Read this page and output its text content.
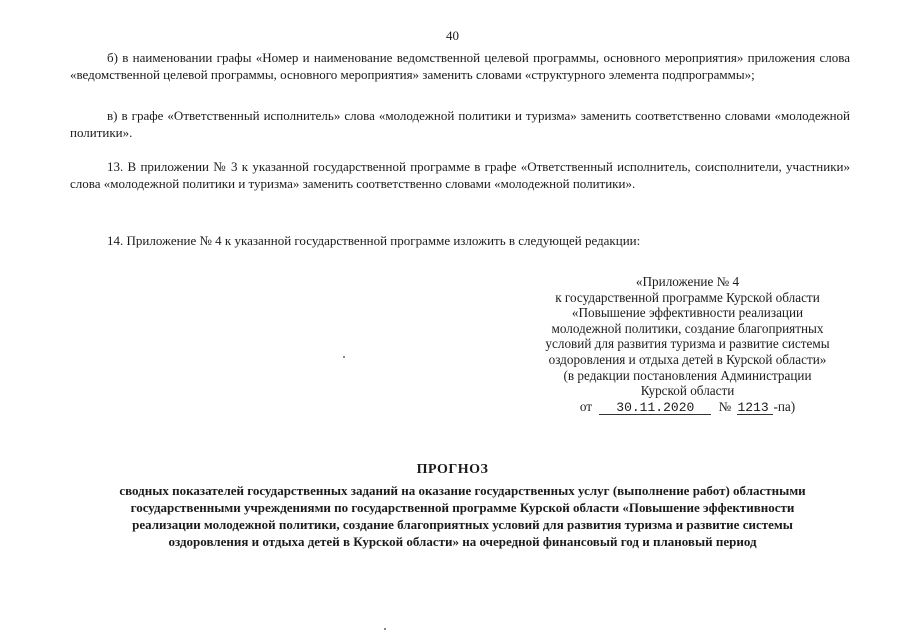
40

б) в наименовании графы «Номер и наименование ведомственной целевой программы, основного мероприятия» приложения слова «ведомственной целевой программы, основного мероприятия» заменить словами «структурного элемента подпрограммы»;

в) в графе «Ответственный исполнитель» слова «молодежной политики и туризма» заменить соответственно словами «молодежной политики».

13. В приложении № 3 к указанной государственной программе в графе «Ответственный исполнитель, соисполнители, участники» слова «молодежной политики и туризма» заменить соответственно словами «молодежной политики».

14. Приложение № 4 к указанной государственной программе изложить в следующей редакции:

«Приложение № 4
к государственной программе Курской области
«Повышение эффективности реализации
молодежной политики, создание благоприятных
условий для развития туризма и развитие системы
оздоровления и отдыха детей в Курской области»
(в редакции постановления Администрации
Курской области
от 30.11.2020 № 1213 -па)
ПРОГНОЗ
сводных показателей государственных заданий на оказание государственных услуг (выполнение работ) областными
государственными учреждениями по государственной программе Курской области «Повышение эффективности
реализации молодежной политики, создание благоприятных условий для развития туризма и развитие системы
оздоровления и отдыха детей в Курской области» на очередной финансовый год и плановый период
